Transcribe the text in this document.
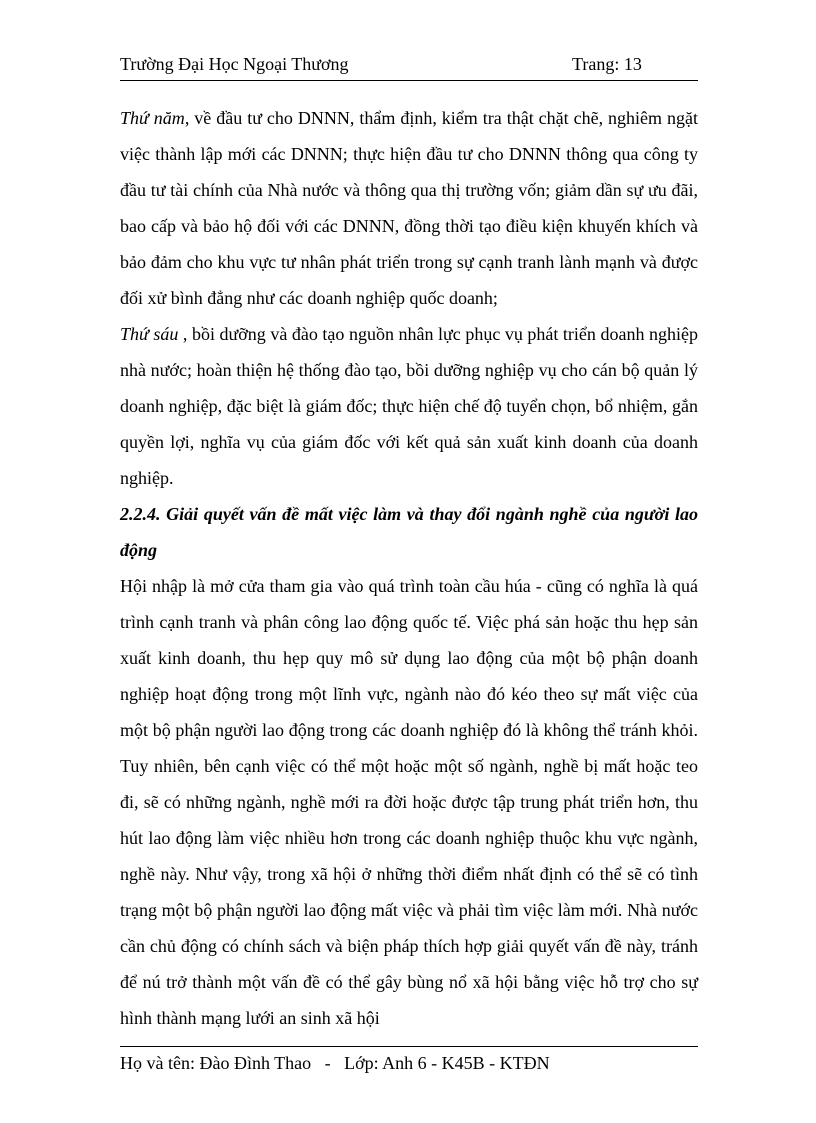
Trường Đại Học Ngoại Thương	Trang: 13

Thứ năm, về đầu tư cho DNNN, thẩm định, kiểm tra thật chặt chẽ, nghiêm ngặt việc thành lập mới các DNNN; thực hiện đầu tư cho DNNN thông qua công ty đầu tư tài chính của Nhà nước và thông qua thị trường vốn; giảm dần sự ưu đãi, bao cấp và bảo hộ đối với các DNNN, đồng thời tạo điều kiện khuyến khích và bảo đảm cho khu vực tư nhân phát triển trong sự cạnh tranh lành mạnh và được đối xử bình đẳng như các doanh nghiệp quốc doanh;

Thứ sáu , bồi dưỡng và đào tạo nguồn nhân lực phục vụ phát triển doanh nghiệp nhà nước; hoàn thiện hệ thống đào tạo, bồi dưỡng nghiệp vụ cho cán bộ quản lý doanh nghiệp, đặc biệt là giám đốc; thực hiện chế độ tuyển chọn, bổ nhiệm, gắn quyền lợi, nghĩa vụ của giám đốc với kết quả sản xuất kinh doanh của doanh nghiệp.

2.2.4. Giải quyết vấn đề mất việc làm và thay đổi ngành nghề của người lao động

Hội nhập là mở cửa tham gia vào quá trình toàn cầu húa - cũng có nghĩa là quá trình cạnh tranh và phân công lao động quốc tế. Việc phá sản hoặc thu hẹp sản xuất kinh doanh, thu hẹp quy mô sử dụng lao động của một bộ phận doanh nghiệp hoạt động trong một lĩnh vực, ngành nào đó kéo theo sự mất việc của một bộ phận người lao động trong các doanh nghiệp đó là không thể tránh khỏi. Tuy nhiên, bên cạnh việc có thể một hoặc một số ngành, nghề bị mất hoặc teo đi, sẽ có những ngành, nghề mới ra đời hoặc được tập trung phát triển hơn, thu hút lao động làm việc nhiều hơn trong các doanh nghiệp thuộc khu vực ngành, nghề này. Như vậy, trong xã hội ở những thời điểm nhất định có thể sẽ có tình trạng một bộ phận người lao động mất việc và phải tìm việc làm mới. Nhà nước cần chủ động có chính sách và biện pháp thích hợp giải quyết vấn đề này, tránh để nú trở thành một vấn đề có thể gây bùng nổ xã hội bằng việc hỗ trợ cho sự hình thành mạng lưới an sinh xã hội

Họ và tên: Đào Đình Thao   -   Lớp: Anh 6 - K45B - KTĐN
